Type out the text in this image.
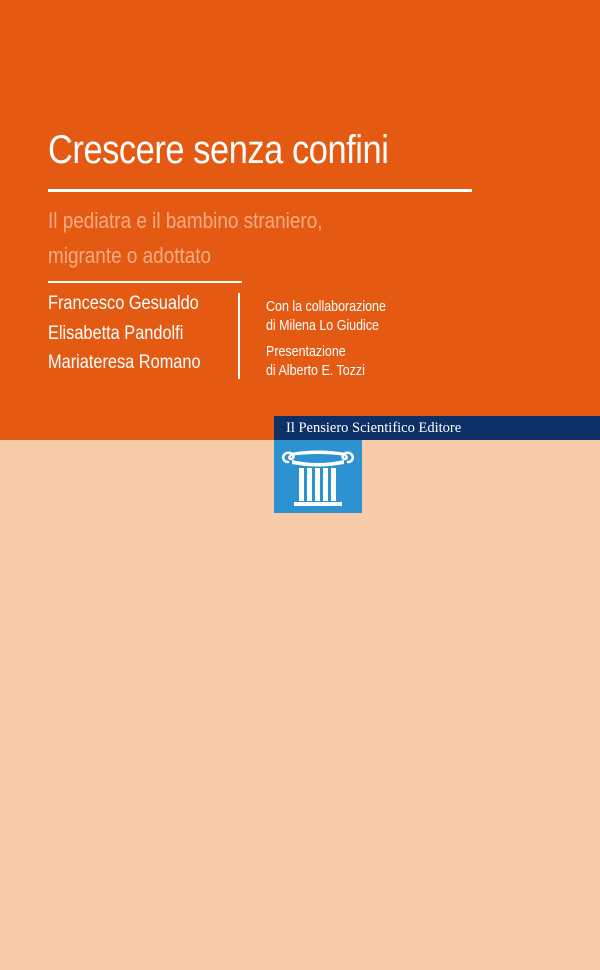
Crescere senza confini
Il pediatra e il bambino straniero,
migrante o adottato
Francesco Gesualdo
Elisabetta Pandolfi
Mariateresa Romano
Con la collaborazione
di Milena Lo Giudice
Presentazione
di Alberto E. Tozzi
Il Pensiero Scientifico Editore
